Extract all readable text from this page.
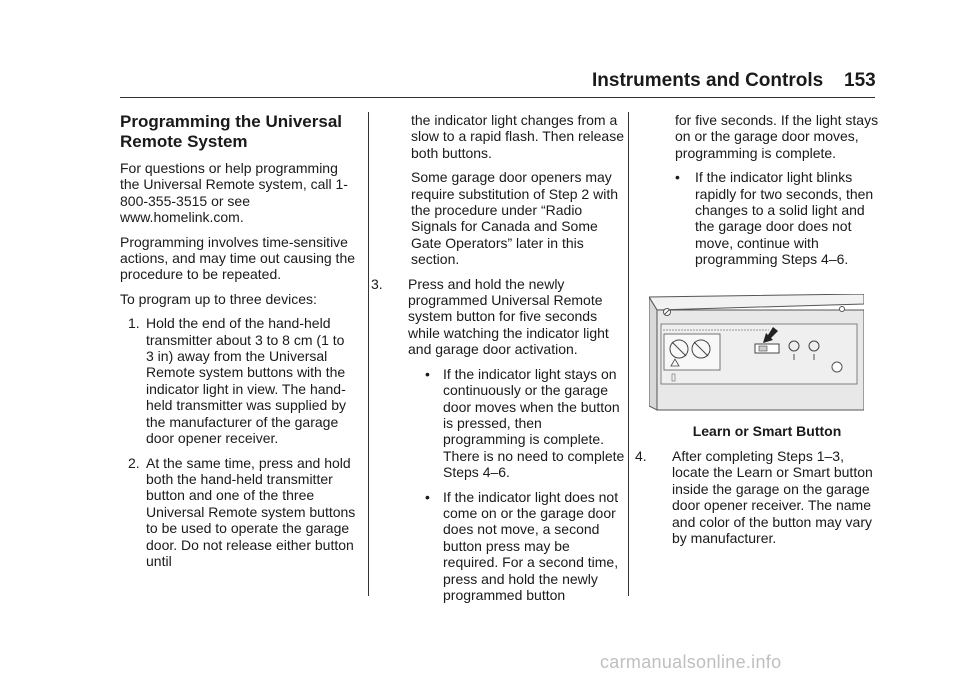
Instruments and Controls 153
Programming the Universal Remote System

For questions or help programming the Universal Remote system, call 1-800-355-3515 or see www.homelink.com.

Programming involves time-sensitive actions, and may time out causing the procedure to be repeated.

To program up to three devices:

1. Hold the end of the hand-held transmitter about 3 to 8 cm (1 to 3 in) away from the Universal Remote system buttons with the indicator light in view. The hand-held transmitter was supplied by the manufacturer of the garage door opener receiver.
2. At the same time, press and hold both the hand-held transmitter button and one of the three Universal Remote system buttons to be used to operate the garage door. Do not release either button until

the indicator light changes from a slow to a rapid flash. Then release both buttons.

Some garage door openers may require substitution of Step 2 with the procedure under “Radio Signals for Canada and Some Gate Operators” later in this section.

3. Press and hold the newly programmed Universal Remote system button for five seconds while watching the indicator light and garage door activation.
• If the indicator light stays on continuously or the garage door moves when the button is pressed, then programming is complete. There is no need to complete Steps 4–6.
• If the indicator light does not come on or the garage door does not move, a second button press may be required. For a second time, press and hold the newly programmed button

for five seconds. If the light stays on or the garage door moves, programming is complete.

• If the indicator light blinks rapidly for two seconds, then changes to a solid light and the garage door does not move, continue with programming Steps 4–6.
Learn or Smart Button
4. After completing Steps 1–3, locate the Learn or Smart button inside the garage on the garage door opener receiver. The name and color of the button may vary by manufacturer.
carmanualsonline.info
